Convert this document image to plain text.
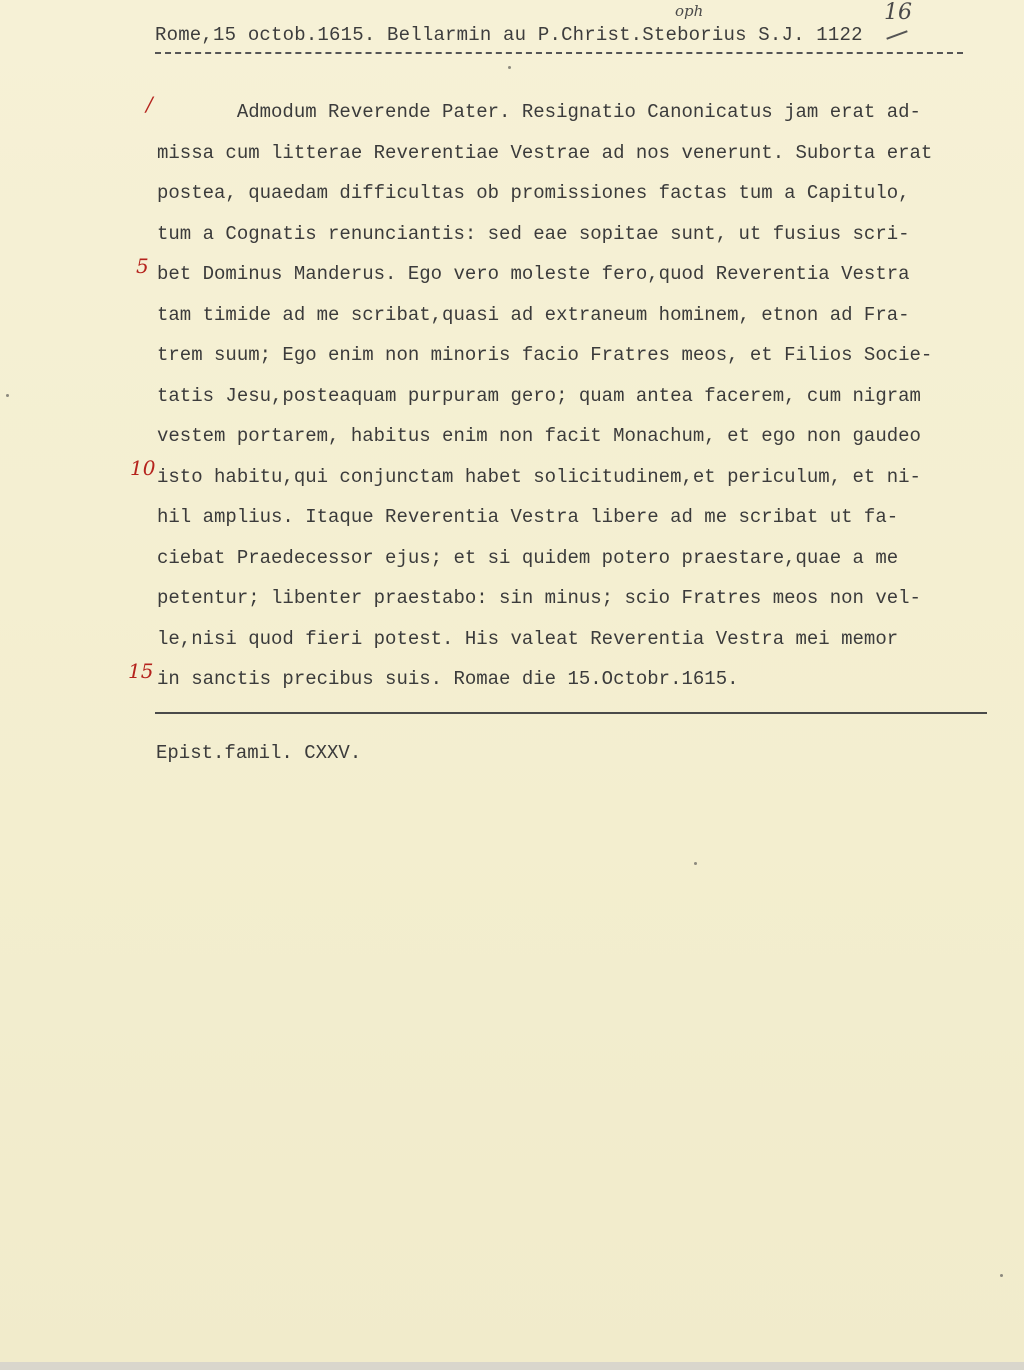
oph	16
Rome,15 octob.1615. Bellarmin au P.Christ.Steborius S.J. 1122
/
5
10
15
Admodum Reverende Pater. Resignatio Canonicatus jam erat ad-
missa cum litterae Reverentiae Vestrae ad nos venerunt. Suborta erat
postea, quaedam difficultas ob promissiones factas tum a Capitulo,
tum a Cognatis renunciantis: sed eae sopitae sunt, ut fusius scri-
bet Dominus Manderus. Ego vero moleste fero,quod Reverentia Vestra
tam timide ad me scribat,quasi ad extraneum hominem, etnon ad Fra-
trem suum; Ego enim non minoris facio Fratres meos, et Filios Socie-
tatis Jesu,posteaquam purpuram gero; quam antea facerem, cum nigram
vestem portarem, habitus enim non facit Monachum, et ego non gaudeo
isto habitu,qui conjunctam habet solicitudinem,et periculum, et ni-
hil amplius. Itaque Reverentia Vestra libere ad me scribat ut fa-
ciebat Praedecessor ejus; et si quidem potero praestare,quae a me
petentur; libenter praestabo: sin minus; scio Fratres meos non vel-
le,nisi quod fieri potest. His valeat Reverentia Vestra mei memor
in sanctis precibus suis. Romae die 15.Octobr.1615.
Epist.famil. CXXV.
